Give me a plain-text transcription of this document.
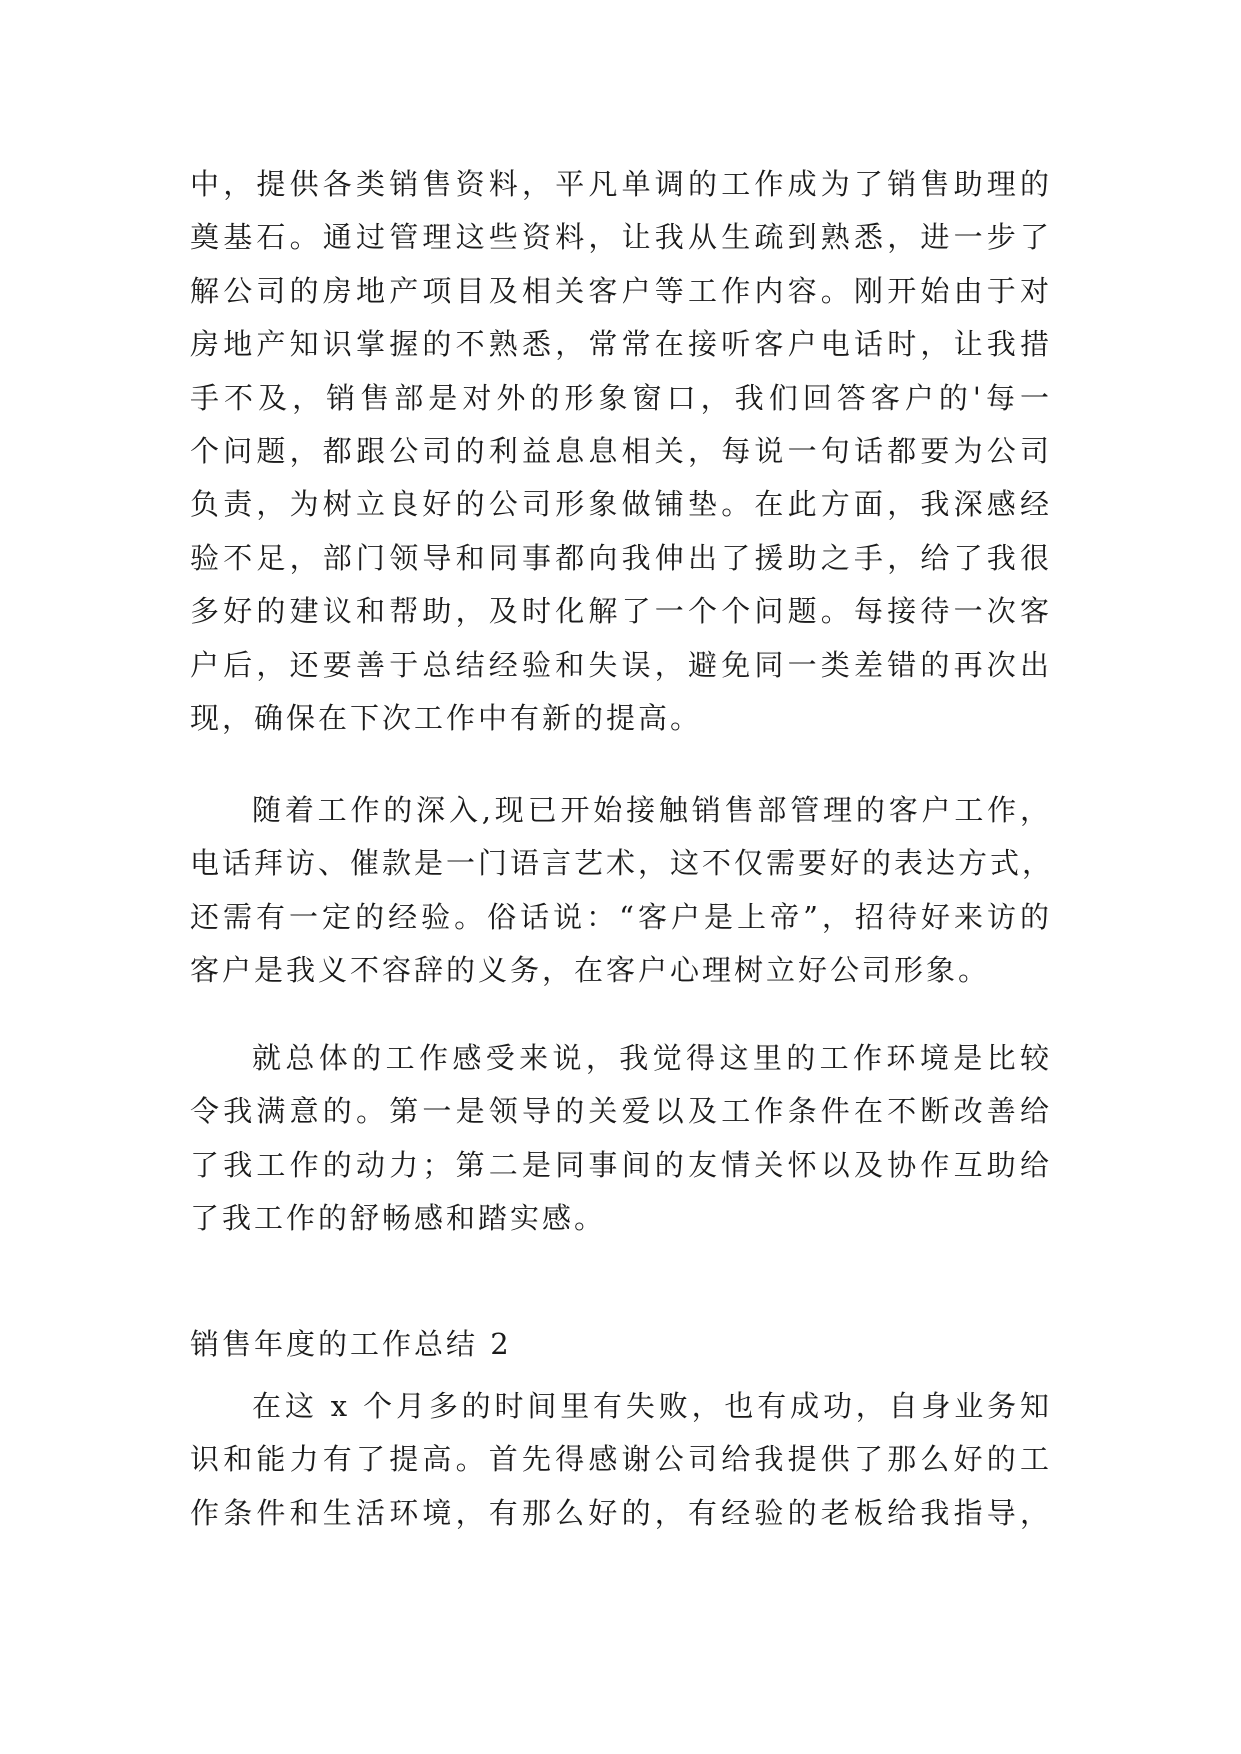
中，提供各类销售资料，平凡单调的工作成为了销售助理的
奠基石。通过管理这些资料，让我从生疏到熟悉，进一步了
解公司的房地产项目及相关客户等工作内容。刚开始由于对
房地产知识掌握的不熟悉，常常在接听客户电话时，让我措
手不及，销售部是对外的形象窗口，我们回答客户的'每一
个问题，都跟公司的利益息息相关，每说一句话都要为公司
负责，为树立良好的公司形象做铺垫。在此方面，我深感经
验不足，部门领导和同事都向我伸出了援助之手，给了我很
多好的建议和帮助，及时化解了一个个问题。每接待一次客
户后，还要善于总结经验和失误，避免同一类差错的再次出
现，确保在下次工作中有新的提高。
随着工作的深入,现已开始接触销售部管理的客户工作，
电话拜访、催款是一门语言艺术，这不仅需要好的表达方式，
还需有一定的经验。俗话说：“客户是上帝”，招待好来访的
客户是我义不容辞的义务，在客户心理树立好公司形象。
就总体的工作感受来说，我觉得这里的工作环境是比较
令我满意的。第一是领导的关爱以及工作条件在不断改善给
了我工作的动力；第二是同事间的友情关怀以及协作互助给
了我工作的舒畅感和踏实感。
销售年度的工作总结 2
在这 x 个月多的时间里有失败，也有成功，自身业务知
识和能力有了提高。首先得感谢公司给我提供了那么好的工
作条件和生活环境，有那么好的，有经验的老板给我指导，
